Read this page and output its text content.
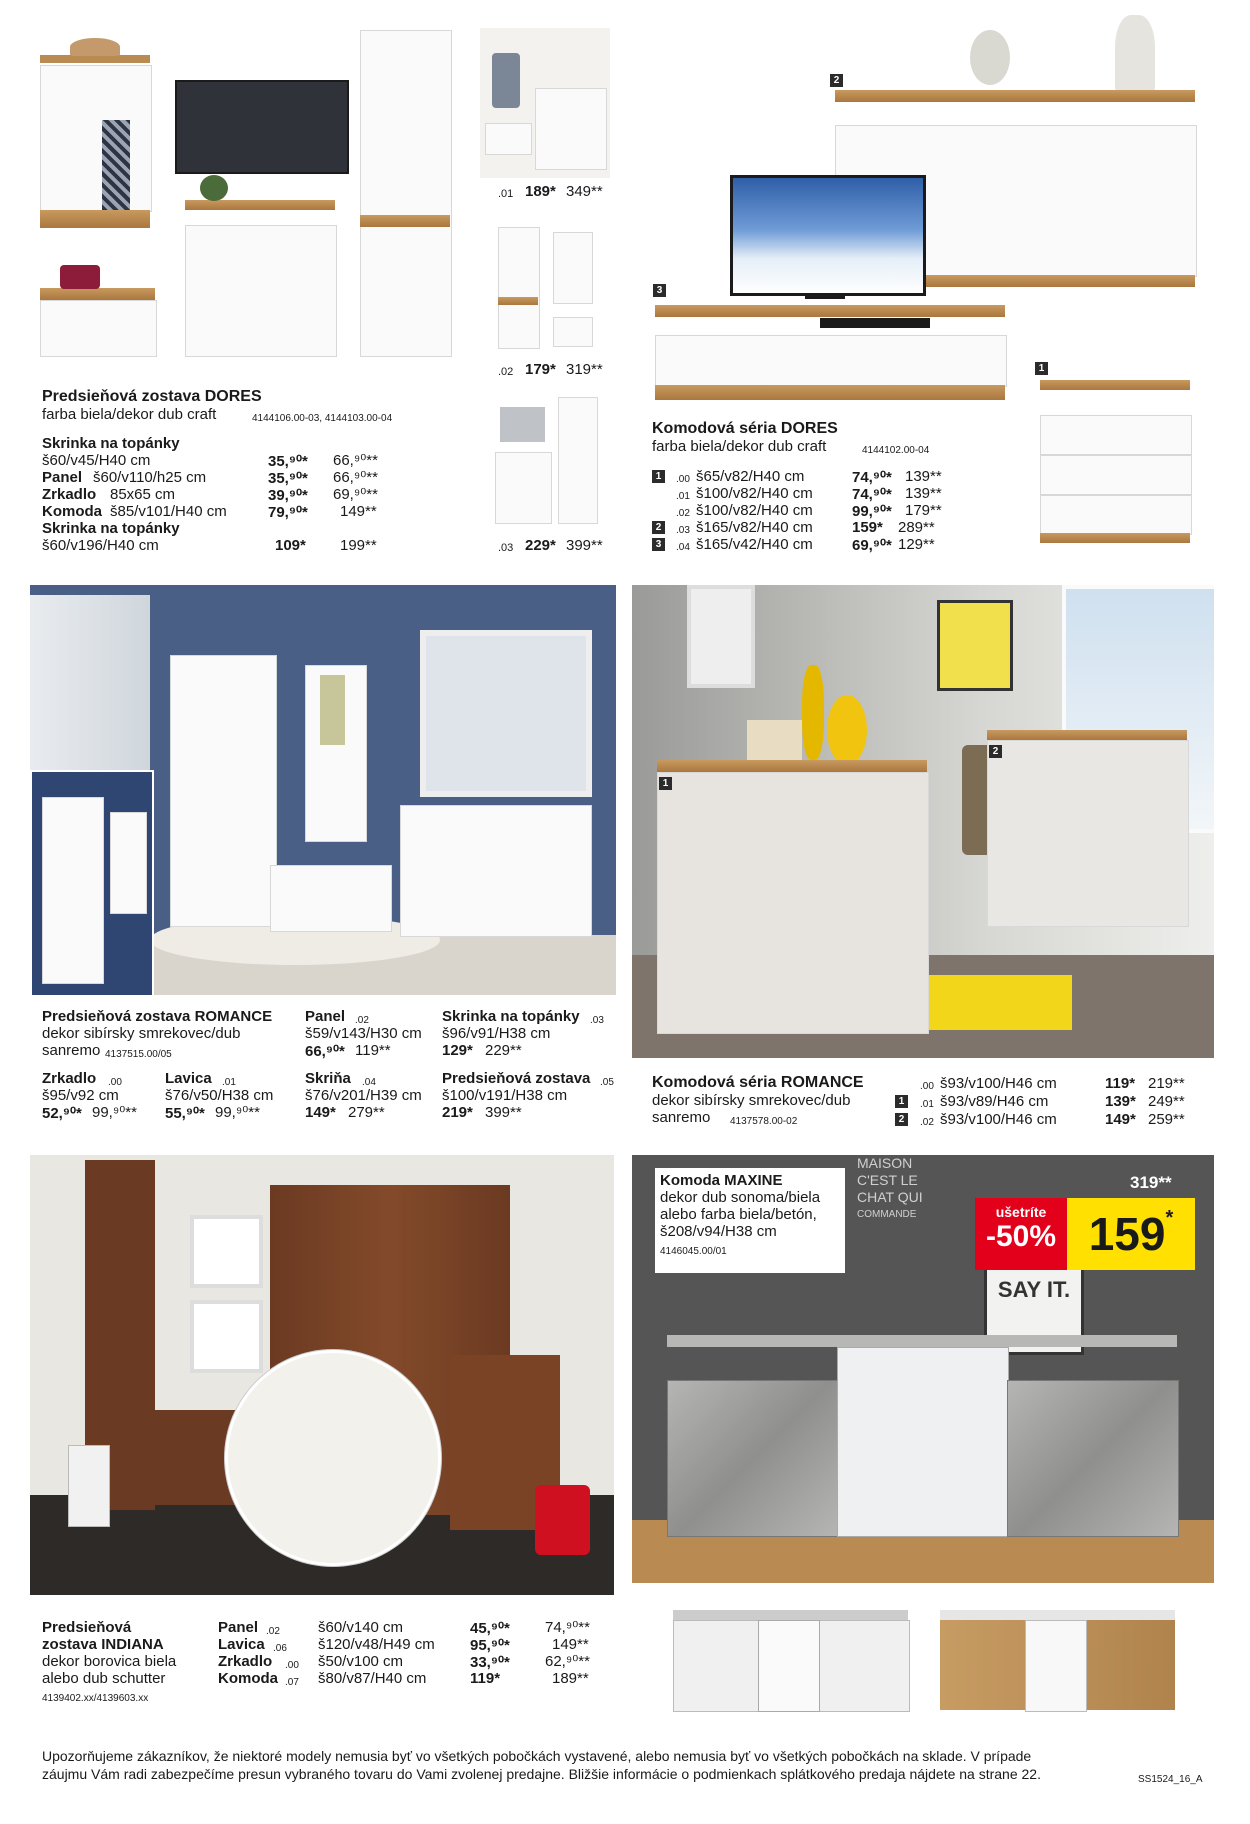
.01 189* 349**
.02 179* 319**
.03 229* 399**
Predsieňová zostava DORES
farba biela/dekor dub craft	4144106.00-03, 4144103.00-04
Skrinka na topánky
š60/v45/H40 cm	35,⁹⁰* 66,⁹⁰**
Panel š60/v110/h25 cm	35,⁹⁰* 66,⁹⁰**
Zrkadlo 85x65 cm	39,⁹⁰* 69,⁹⁰**
Komoda š85/v101/H40 cm	79,⁹⁰* 149**
Skrinka na topánky
š60/v196/H40 cm	109* 199**
2
3
1
Komodová séria DORES
farba biela/dekor dub craft	4144102.00-04
1	.00 š65/v82/H40 cm	74,⁹⁰* 139**
.01 š100/v82/H40 cm	74,⁹⁰* 139**
.02 š100/v82/H40 cm	99,⁹⁰* 179**
2	.03 š165/v82/H40 cm	159* 289**
3	.04 š165/v42/H40 cm	69,⁹⁰* 129**
Predsieňová zostava ROMANCE
dekor sibírsky smrekovec/dub
sanremo 4137515.00/05
Panel .02
š59/v143/H30 cm
66,⁹⁰* 119**
Skrinka na topánky .03
š96/v91/H38 cm
129* 229**
Zrkadlo .00
š95/v92 cm
52,⁹⁰* 99,⁹⁰**
Lavica .01
š76/v50/H38 cm
55,⁹⁰* 99,⁹⁰**
Skriňa .04
š76/v201/H39 cm
149* 279**
Predsieňová zostava .05
š100/v191/H38 cm
219* 399**
1
2
Komodová séria ROMANCE
dekor sibírsky smrekovec/dub
sanremo 4137578.00-02
.00 š93/v100/H46 cm	119* 219**
1	.01 š93/v89/H46 cm	139* 249**
2	.02 š93/v100/H46 cm	149* 259**
Predsieňová
zostava INDIANA
dekor borovica biela
alebo dub schutter
4139402.xx/4139603.xx
Panel .02	š60/v140 cm	45,⁹⁰* 74,⁹⁰**
Lavica .06 š120/v48/H49 cm 95,⁹⁰*	149**
Zrkadlo .00 š50/v100 cm	33,⁹⁰* 62,⁹⁰**
Komoda .07 š80/v87/H40 cm	119*	189**
MAISON
C'EST LE
CHAT QUI
COMMANDE
SAY IT.
Komoda MAXINE
dekor dub sonoma/biela
alebo farba biela/betón,
š208/v94/H38 cm
4146045.00/01
319**
ušetríte
-50% 159*
Upozorňujeme zákazníkov, že niektoré modely nemusia byť vo všetkých pobočkách vystavené, alebo nemusia byť vo všetkých pobočkách na sklade. V prípade
záujmu Vám radi zabezpečíme presun vybraného tovaru do Vami zvolenej predajne. Bližšie informácie o podmienkach splátkového predaja nájdete na strane 22.	SS1524_16_A
